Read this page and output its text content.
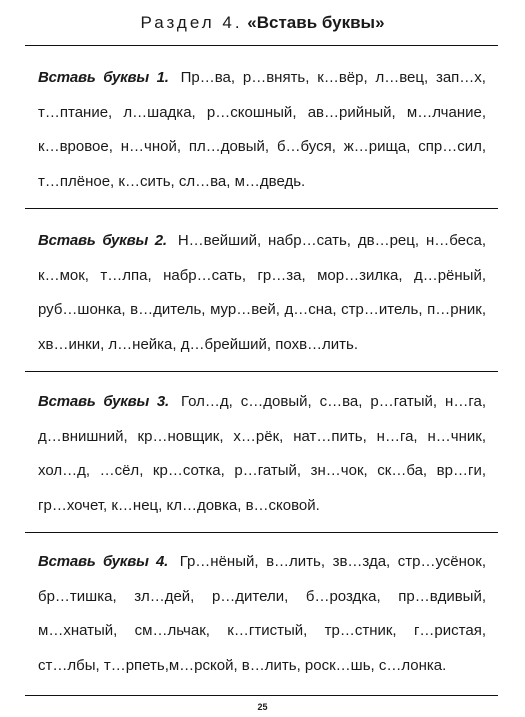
Раздел 4. «Вставь буквы»
Вставь буквы 1. Пр…ва, р…внять, к…вёр, л…вец, зап…х,
т…птание, л…шадка, р…скошный, ав…рийный, м…лчание,
к…вровое, н…чной, пл…довый, б…буся, ж…рища, спр…сил,
т…плёное, к…сить, сл…ва, м…дведь.
Вставь буквы 2. Н…вейший, набр…сать, дв…рец, н…беса,
к…мок, т…лпа, набр…сать, гр…за, мор…зилка, д…рёный,
руб…шонка, в…дитель, мур…вей, д…сна, стр…итель, п…рник,
хв…инки, л…нейка, д…брейший, похв…лить.
Вставь буквы 3. Гол…д, с…довый, с…ва, р…гатый, н…га,
д…внишний, кр…новщик, х…рёк, нат…пить, н…га, н…чник,
хол…д, …сёл, кр…сотка, р…гатый, зн…чок, ск…ба, вр…ги,
гр…хочет, к…нец, кл…довка, в…сковой.
Вставь буквы 4. Гр…нёный, в…лить, зв…зда, стр…усёнок,
бр…тишка, зл…дей, р…дители, б…роздка, пр…вдивый,
м…хнатый, см…льчак, к…гтистый, тр…стник, г…ристая,
ст…лбы, т…рпеть,м…рской, в…лить, роск…шь, с…лонка.
25
